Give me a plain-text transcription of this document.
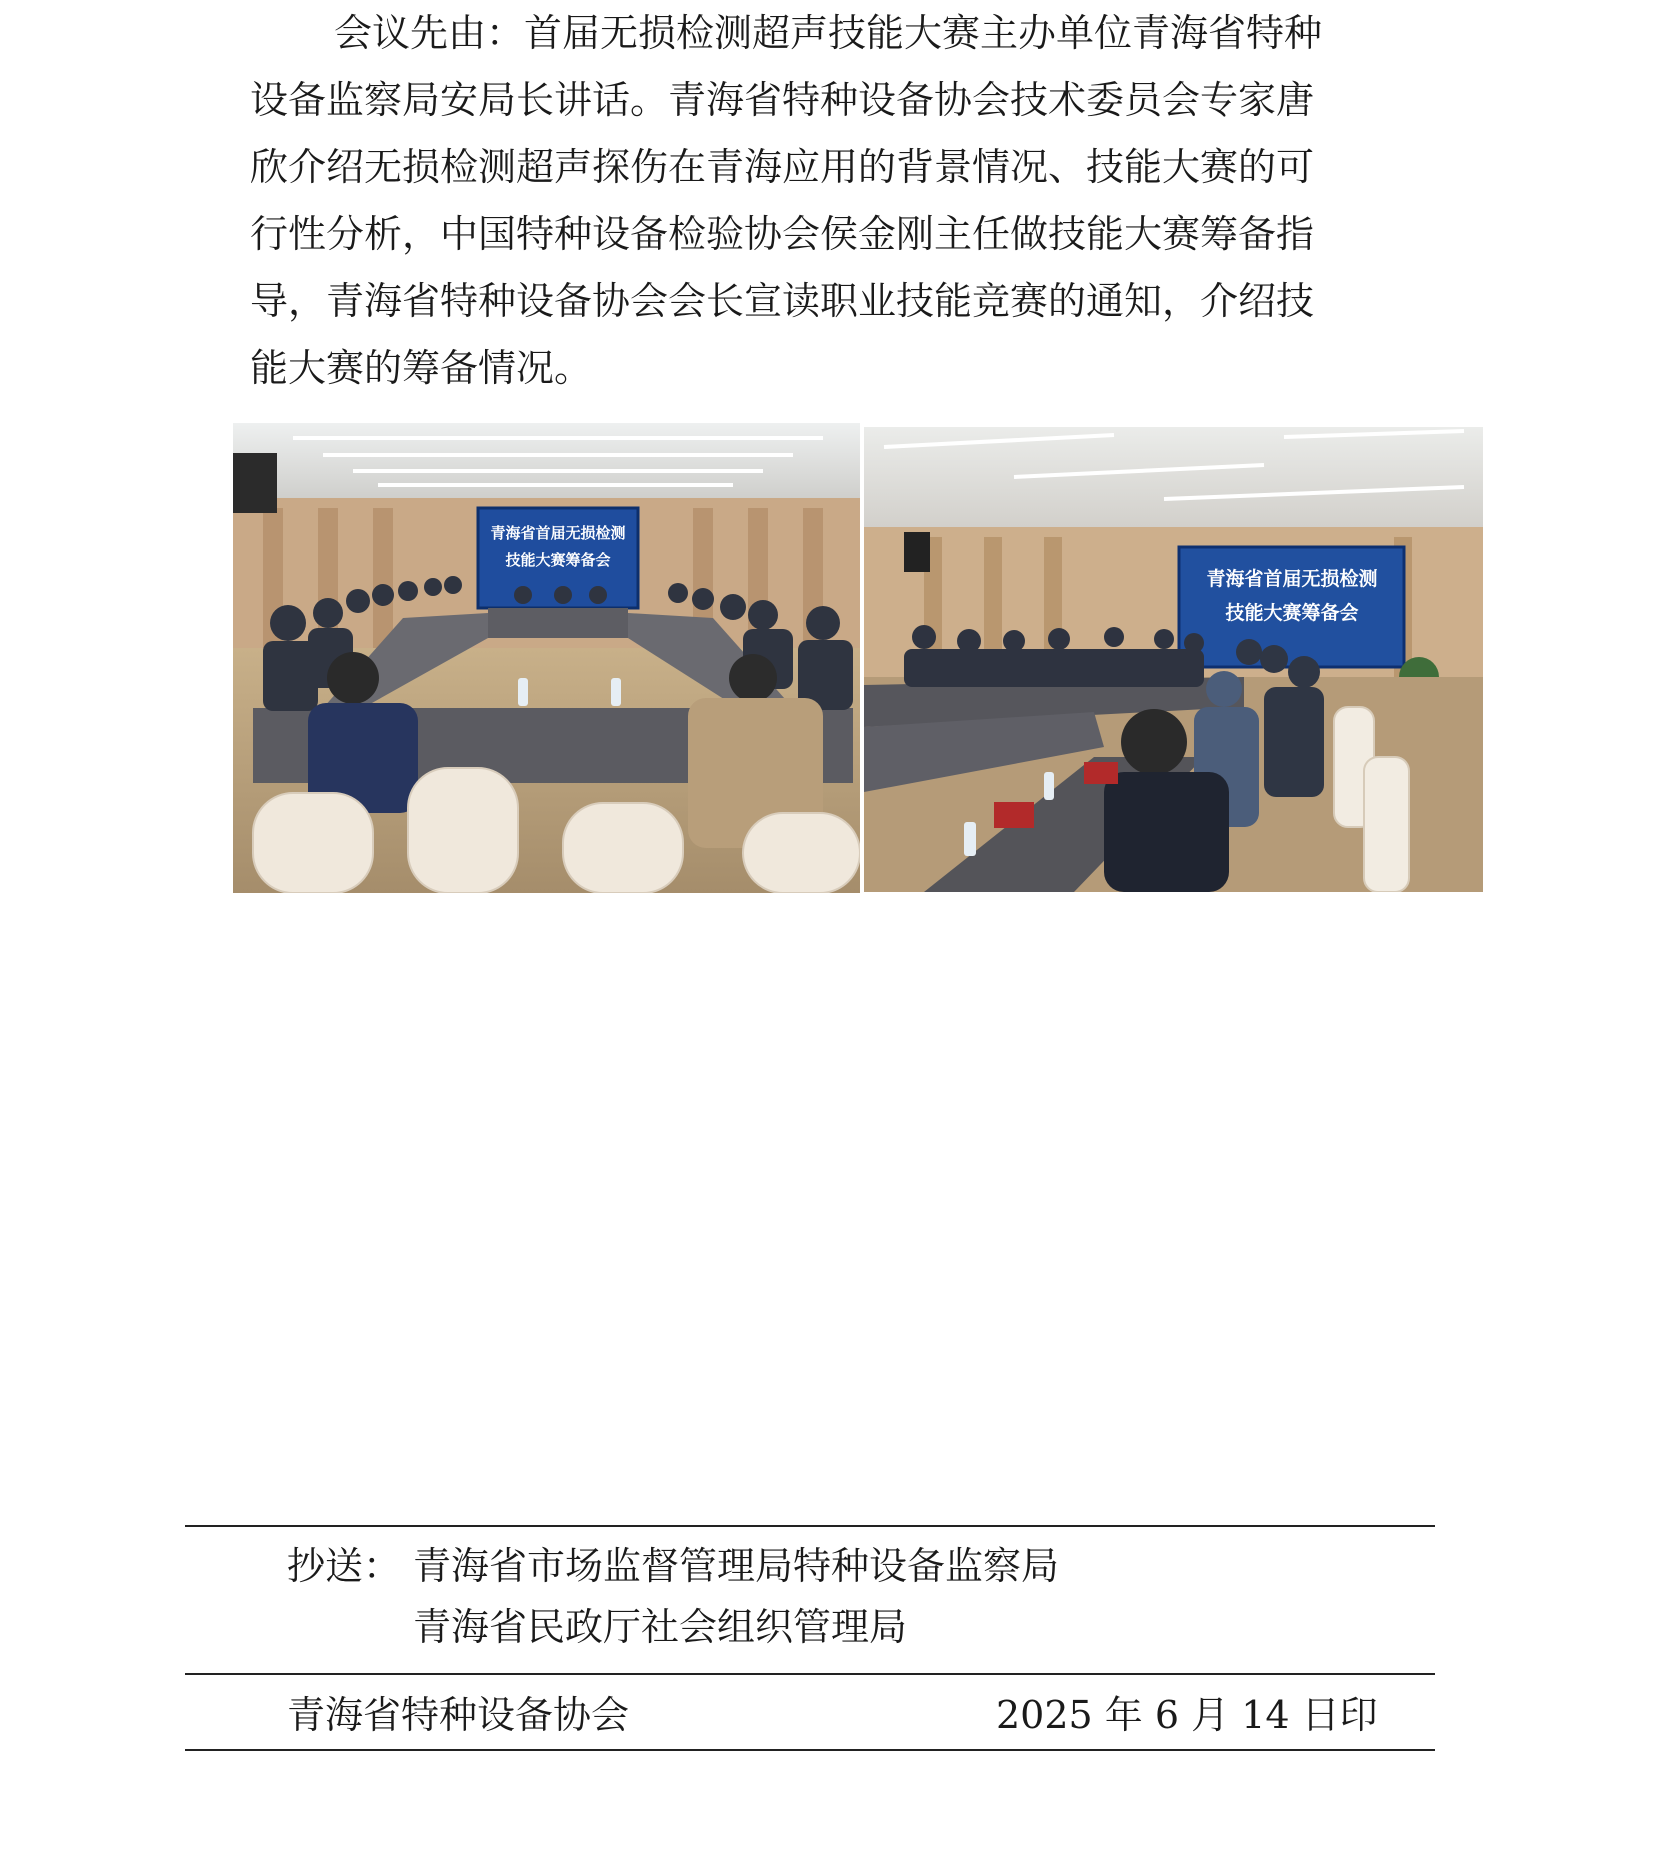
会议先由：首届无损检测超声技能大赛主办单位青海省特种
设备监察局安局长讲话。青海省特种设备协会技术委员会专家唐
欣介绍无损检测超声探伤在青海应用的背景情况、技能大赛的可
行性分析，中国特种设备检验协会侯金刚主任做技能大赛筹备指
导，青海省特种设备协会会长宣读职业技能竞赛的通知，介绍技
能大赛的筹备情况。
青海省首届无损检测
技能大赛筹备会
青海省首届无损检测
技能大赛筹备会
抄送： 青海省市场监督管理局特种设备监察局
青海省民政厅社会组织管理局
青海省特种设备协会	2025 年 6 月 14 日印
